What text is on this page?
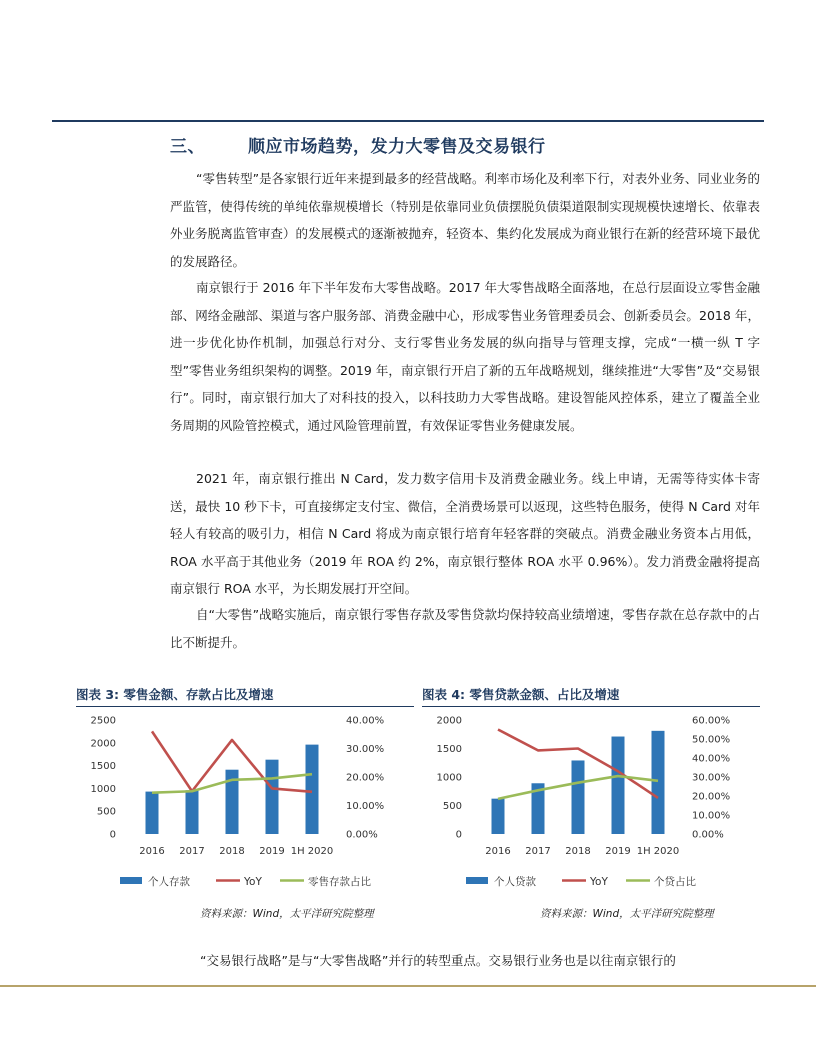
三、	顺应市场趋势，发力大零售及交易银行

“零售转型”是各家银行近年来提到最多的经营战略。利率市场化及利率下行，对表外业务、同业业务的严监管，使得传统的单纯依靠规模增长（特别是依靠同业负债摆脱负债渠道限制实现规模快速增长、依靠表外业务脱离监管审查）的发展模式的逐渐被抛弃，轻资本、集约化发展成为商业银行在新的经营环境下最优的发展路径。

南京银行于 2016 年下半年发布大零售战略。2017 年大零售战略全面落地，在总行层面设立零售金融部、网络金融部、渠道与客户服务部、消费金融中心，形成零售业务管理委员会、创新委员会。2018 年，进一步优化协作机制，加强总行对分、支行零售业务发展的纵向指导与管理支撑，完成“一横一纵 T 字型”零售业务组织架构的调整。2019 年，南京银行开启了新的五年战略规划，继续推进“大零售”及“交易银行”。同时，南京银行加大了对科技的投入，以科技助力大零售战略。建设智能风控体系，建立了覆盖全业务周期的风险管控模式，通过风险管理前置，有效保证零售业务健康发展。

2021 年，南京银行推出 N Card，发力数字信用卡及消费金融业务。线上申请，无需等待实体卡寄送，最快 10 秒下卡，可直接绑定支付宝、微信，全消费场景可以返现，这些特色服务，使得 N Card 对年轻人有较高的吸引力，相信 N Card 将成为南京银行培育年轻客群的突破点。消费金融业务资本占用低，ROA 水平高于其他业务（2019 年 ROA 约 2%，南京银行整体 ROA 水平 0.96%）。发力消费金融将提高南京银行 ROA 水平，为长期发展打开空间。

自“大零售”战略实施后，南京银行零售存款及零售贷款均保持较高业绩增速，零售存款在总存款中的占比不断提升。

图表 3: 零售金额、存款占比及增速
0
500
1000
1500
2000
2500
0.00%
10.00%
20.00%
30.00%
40.00%
2016 2017 2018 2019 1H 2020
个人存款	YoY	零售存款占比
图表 4: 零售贷款金额、占比及增速
0
500
1000
1500
2000
0.00%
10.00%
20.00%
30.00%
40.00%
50.00%
60.00%
2016 2017 2018 2019 1H 2020
个人贷款	YoY	个贷占比
资料来源：Wind，太平洋研究院整理	资料来源：Wind，太平洋研究院整理
“交易银行战略”是与“大零售战略”并行的转型重点。交易银行业务也是以往南京银行的
